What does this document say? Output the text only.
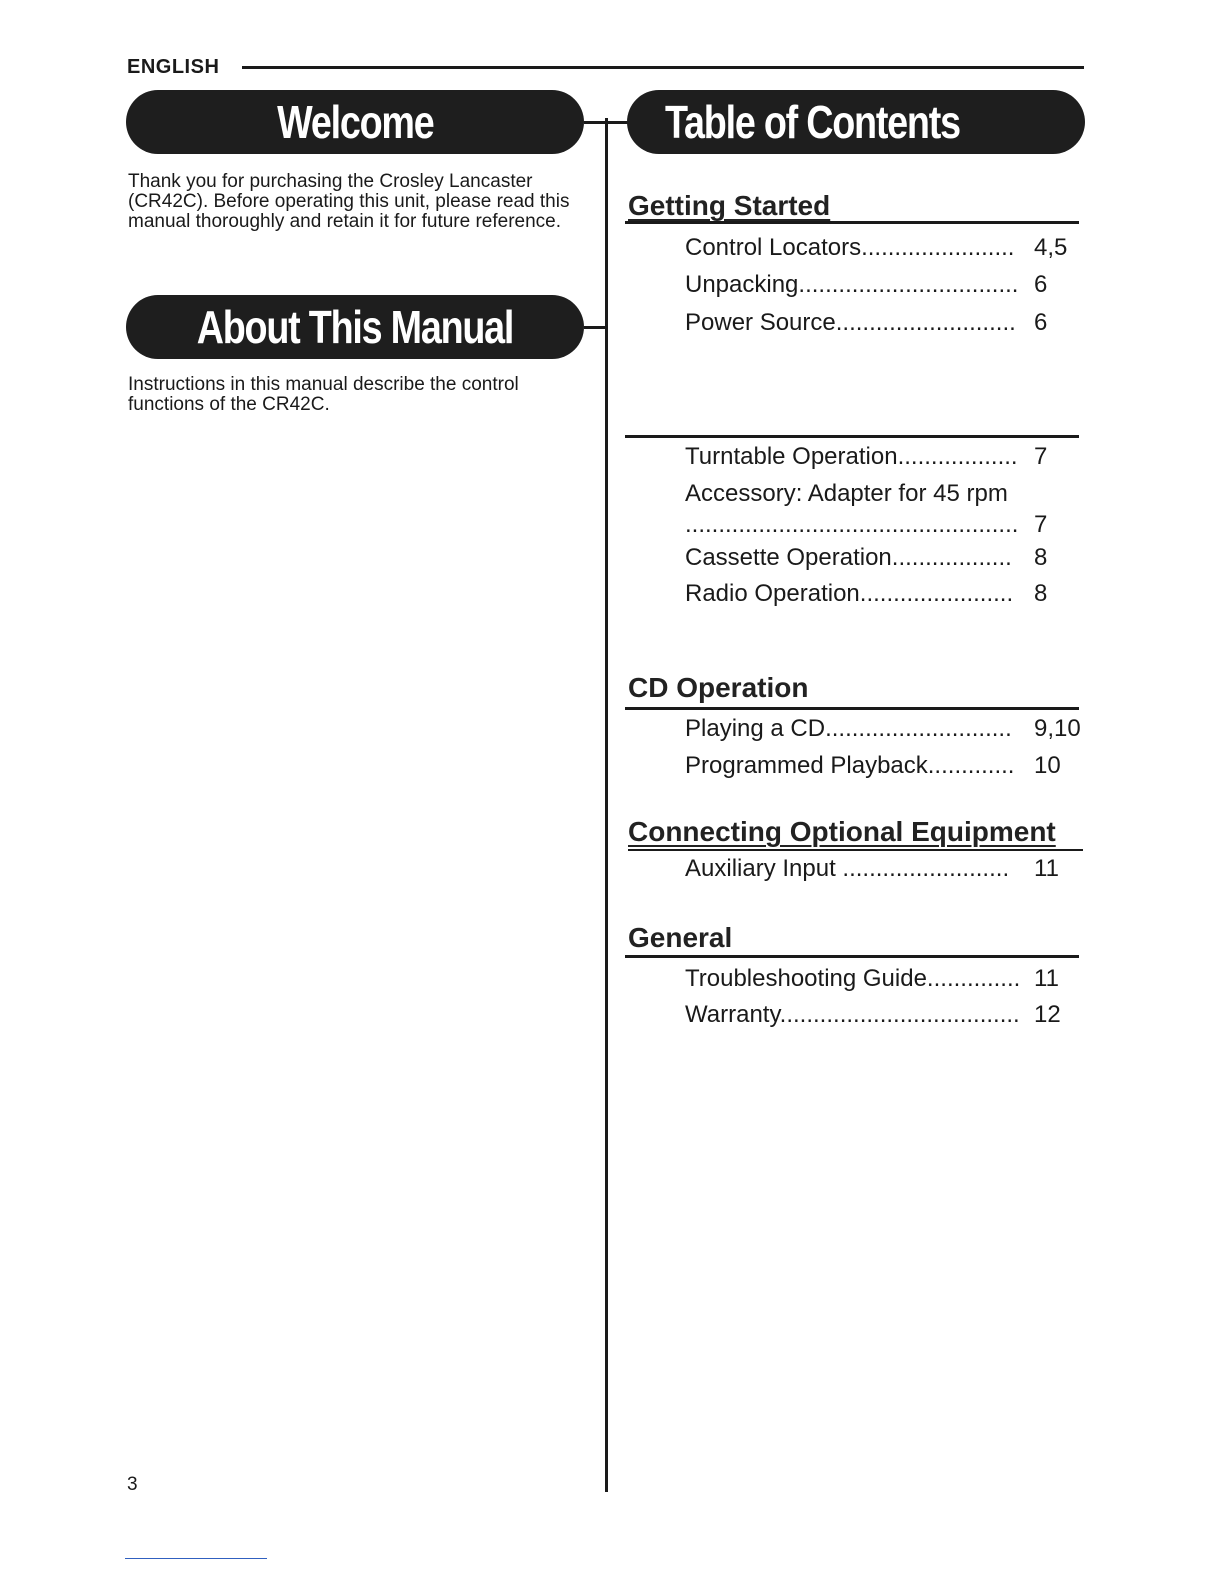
ENGLISH
Welcome
Thank you for purchasing the Crosley Lancaster
(CR42C). Before operating this unit, please read this
manual thoroughly and retain it for future reference.
About This Manual
Instructions in this manual describe the control
functions of the CR42C.
Table of Contents
Getting Started
Control Locators....................... 4,5
Unpacking................................. 6
Power Source........................... 6
Turntable Operation.................. 7
Accessory: Adapter for 45 rpm
.................................................. 7
Cassette Operation.................. 8
Radio Operation....................... 8
CD Operation
Playing a CD............................ 9,10
Programmed Playback............. 10
Connecting Optional Equipment
Auxiliary Input ......................... 11
General
Troubleshooting Guide.............. 11
Warranty.................................... 12
3
